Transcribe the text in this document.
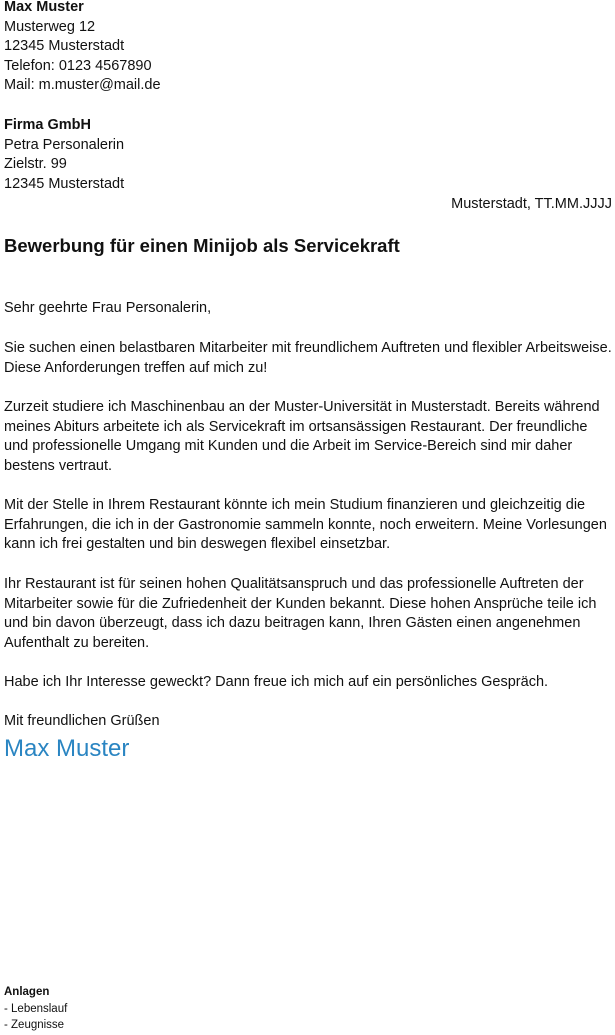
Max Muster
Musterweg 12
12345 Musterstadt
Telefon: 0123 4567890
Mail: m.muster@mail.de
Firma GmbH
Petra Personalerin
Zielstr. 99
12345 Musterstadt
Musterstadt, TT.MM.JJJJ
Bewerbung für einen Minijob als Servicekraft
Sehr geehrte Frau Personalerin,
Sie suchen einen belastbaren Mitarbeiter mit freundlichem Auftreten und flexibler Arbeitsweise. Diese Anforderungen treffen auf mich zu!
Zurzeit studiere ich Maschinenbau an der Muster-Universität in Musterstadt. Bereits während meines Abiturs arbeitete ich als Servicekraft im ortsansässigen Restaurant. Der freundliche und professionelle Umgang mit Kunden und die Arbeit im Service-Bereich sind mir daher bestens vertraut.
Mit der Stelle in Ihrem Restaurant könnte ich mein Studium finanzieren und gleichzeitig die Erfahrungen, die ich in der Gastronomie sammeln konnte, noch erweitern. Meine Vorlesungen kann ich frei gestalten und bin deswegen flexibel einsetzbar.
Ihr Restaurant ist für seinen hohen Qualitätsanspruch und das professionelle Auftreten der Mitarbeiter sowie für die Zufriedenheit der Kunden bekannt. Diese hohen Ansprüche teile ich und bin davon überzeugt, dass ich dazu beitragen kann, Ihren Gästen einen angenehmen Aufenthalt zu bereiten.
Habe ich Ihr Interesse geweckt? Dann freue ich mich auf ein persönliches Gespräch.
Mit freundlichen Grüßen
Max Muster
Anlagen
- Lebenslauf
- Zeugnisse
